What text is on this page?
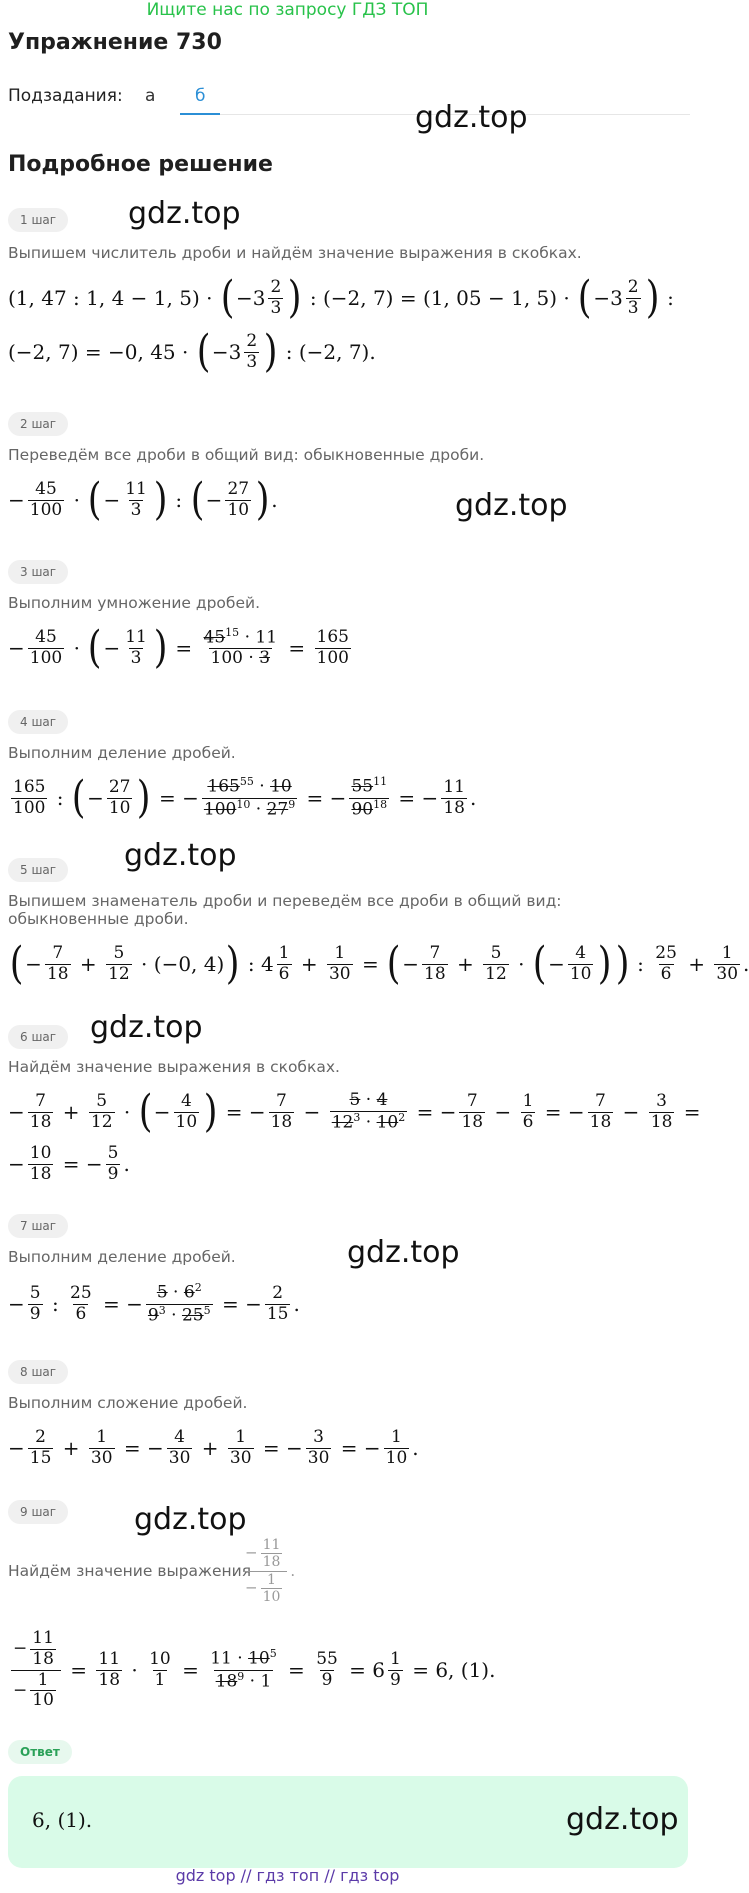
Ищите нас по запросу ГДЗ ТОП
Упражнение 730
Подзадания: а б
gdz.top
Подробное решение
1 шаг	gdz.top
Выпишем числитель дроби и найдём значение выражения в скобках.
(1, 47 : 1, 4 − 1, 5) · ( $-3 \frac{2}{3}$ ) : (−2, 7) = (1, 05 − 1, 5) · ( $-3 \frac{2}{3}$ ) :
(−2, 7) = −0, 45 · ( $-3 \frac{2}{3}$ ) : (−2, 7).
2 шаг
Переведём все дроби в общий вид: обыкновенные дроби.
− $\frac{45}{100}$ · ( − $\frac{11}{3}$ ) : ( − $\frac{27}{10}$ ) .	gdz.top
3 шаг
Выполним умножение дробей.
− $\frac{45}{100}$ · ( − $\frac{11}{3}$ ) = $\frac{45^{15} \cdot 11}{100 \cdot 3} = \frac{165}{100}$
4 шаг
Выполним деление дробей.
$\frac{165}{100}$ : ( − $\frac{27}{10}$ ) = − $\frac{165^{55} \cdot 10}{100^{10} \cdot 27^9}$ = − $\frac{55^{11}}{90^{18}}$ = − $\frac{11}{18}$ .
5 шаг	gdz.top
Выпишем знаменатель дроби и переведём все дроби в общий вид: обыкновенные дроби.
( − $\frac{7}{18} + \frac{5}{12} \cdot (-0$, 4) ) : $4 \frac{1}{6} + \frac{1}{30}$ = ( − $\frac{7}{18} + \frac{5}{12}$ · ( − $\frac{4}{10}$ ) ) : $\frac{25}{6} + \frac{1}{30}$ .
6 шаг	gdz.top
Найдём значение выражения в скобках.
− $\frac{7}{18} + \frac{5}{12}$ · ( − $\frac{4}{10}$ ) = − $\frac{7}{18} - \frac{5 \cdot 4}{12^3 \cdot 10^2}$ = − $\frac{7}{18} - \frac{1}{6}$ = − $\frac{7}{18} - \frac{3}{18}$ =
− $\frac{10}{18}$ = − $\frac{5}{9}$ .
7 шаг
gdz.top
Выполним деление дробей.
− $\frac{5}{9}$ : $\frac{25}{6}$ = − $\frac{5 \cdot 6^2}{9^3 \cdot 25^5}$ = − $\frac{2}{15}$ .
8 шаг
Выполним сложение дробей.
− $\frac{2}{15} + \frac{1}{30}$ = − $\frac{4}{30} + \frac{1}{30}$ = − $\frac{3}{30}$ = − $\frac{1}{10}$ .
9 шаг	gdz.top
Найдём значение выражения
$\frac{- \frac{11}{18}}{- \frac{1}{10}}$ .
$\frac{- \frac{11}{18}}{- \frac{1}{10}} = \frac{11}{18} \cdot \frac{10}{1} = \frac{11 \cdot 10^5}{18^9 \cdot 1} = \frac{55}{9} = 6 \frac{1}{9} = 6$, (1).
Ответ
6, (1).	gdz.top
gdz top // гдз топ // гдз top
